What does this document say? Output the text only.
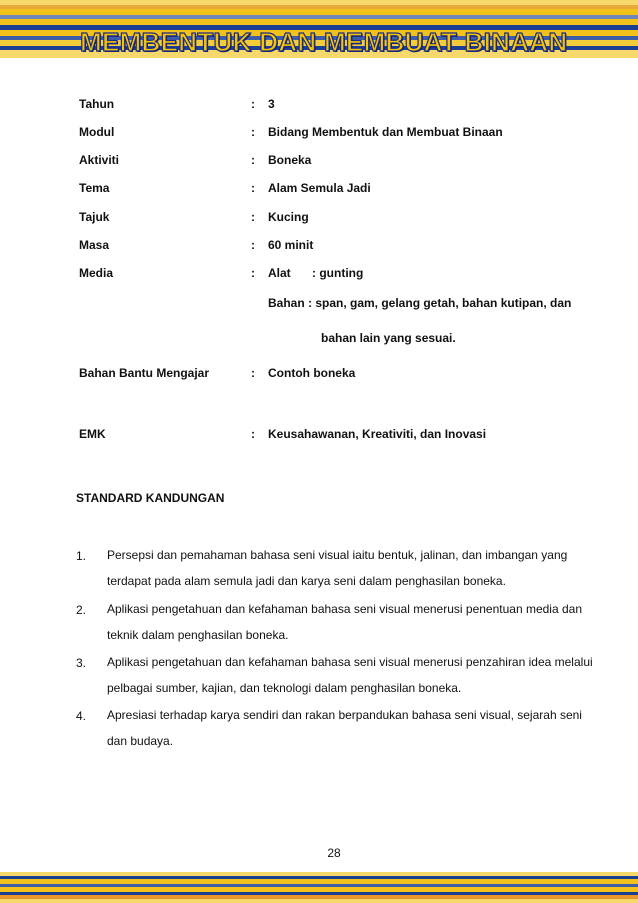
MEMBENTUK DAN MEMBUAT BINAAN
Tahun	: 3
Modul	: Bidang Membentuk dan Membuat Binaan
Aktiviti	: Boneka
Tema	: Alam Semula Jadi
Tajuk	: Kucing
Masa	: 60 minit
Media	: Alat : gunting
Bahan : span, gam, gelang getah, bahan kutipan, dan
bahan lain yang sesuai.
Bahan Bantu Mengajar	: Contoh boneka
EMK	: Keusahawanan, Kreativiti, dan Inovasi
STANDARD KANDUNGAN
1. Persepsi dan pemahaman bahasa seni visual iaitu bentuk, jalinan, dan imbangan yang
terdapat pada alam semula jadi dan karya seni dalam penghasilan boneka.
2. Aplikasi pengetahuan dan kefahaman bahasa seni visual menerusi penentuan media dan
teknik dalam penghasilan boneka.
3. Aplikasi pengetahuan dan kefahaman bahasa seni visual menerusi penzahiran idea melalui
pelbagai sumber, kajian, dan teknologi dalam penghasilan boneka.
4. Apresiasi terhadap karya sendiri dan rakan berpandukan bahasa seni visual, sejarah seni
dan budaya.
28
